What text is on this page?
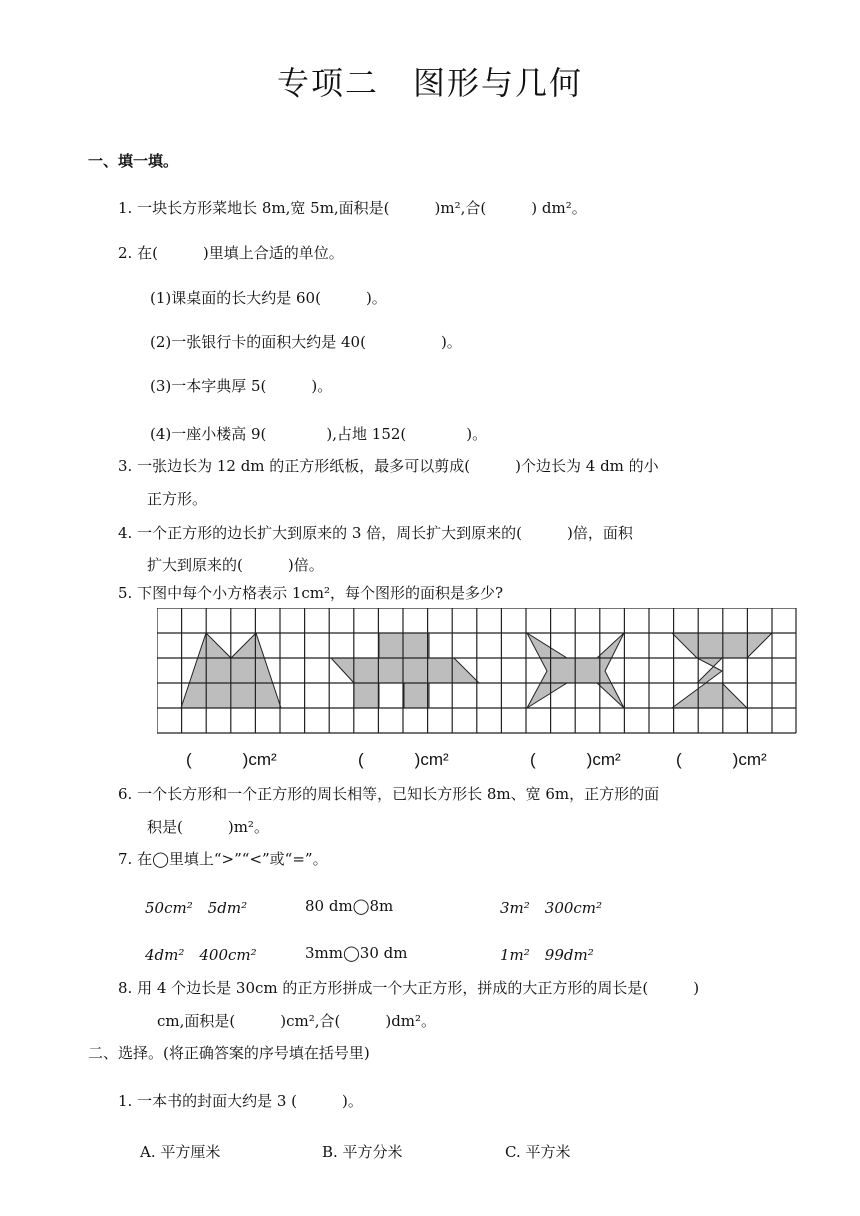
专项二　图形与几何
一、填一填。
1. 一块长方形菜地长 8m,宽 5m,面积是(　　　)m²,合(　　　) dm²。
2. 在(　　　)里填上合适的单位。
(1)课桌面的长大约是 60(　　　)。
(2)一张银行卡的面积大约是 40(　　　　　)。
(3)一本字典厚 5(　　　)。
(4)一座小楼高 9(　　　　),占地 152(　　　　)。
3. 一张边长为 12 dm 的正方形纸板，最多可以剪成(　　　)个边长为 4 dm 的小
正方形。
4. 一个正方形的边长扩大到原来的 3 倍，周长扩大到原来的(　　　)倍，面积
扩大到原来的(　　　)倍。
5. 下图中每个小方格表示 1cm²，每个图形的面积是多少?
(　　　)cm²	(　　　)cm²	(　　　)cm²	(　　　)cm²
6. 一个长方形和一个正方形的周长相等，已知长方形长 8m、宽 6m，正方形的面
积是(　　　)m²。
7. 在◯里填上“>”“<”或“=”。
50cm²　5dm²	80 dm◯8m	3m²　300cm²
4dm²　400cm²	3mm◯30 dm	1m²　99dm²
8. 用 4 个边长是 30cm 的正方形拼成一个大正方形，拼成的大正方形的周长是(　　　)
cm,面积是(　　　)cm²,合(　　　)dm²。
二、选择。(将正确答案的序号填在括号里)
1. 一本书的封面大约是 3 (　　　)。
A. 平方厘米	B. 平方分米	C. 平方米
